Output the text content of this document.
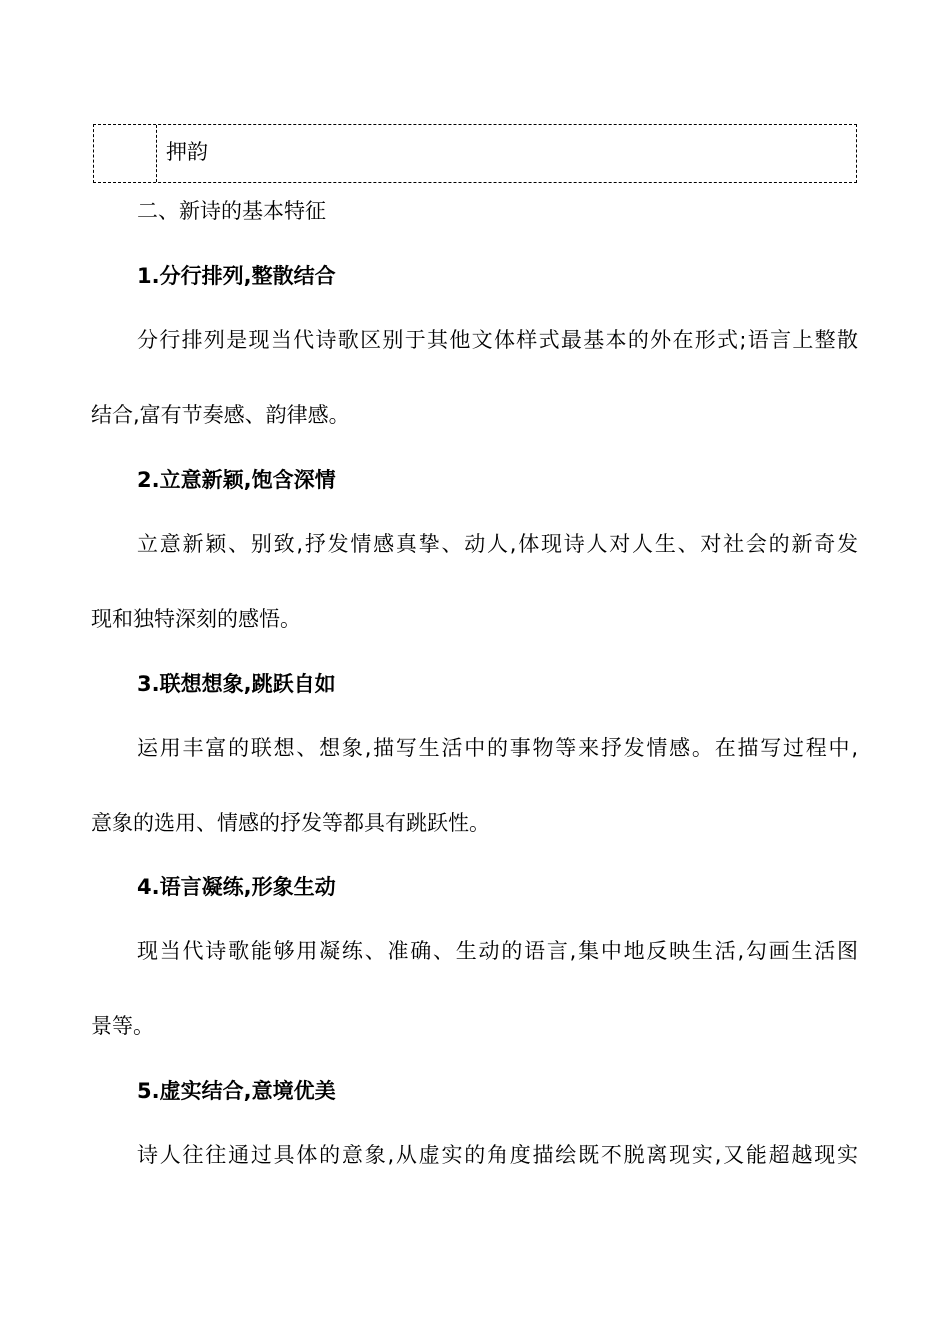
押韵
二、新诗的基本特征
1.分行排列,整散结合
分行排列是现当代诗歌区别于其他文体样式最基本的外在形式;语言上整散
结合,富有节奏感、韵律感。
2.立意新颖,饱含深情
立意新颖、别致,抒发情感真挚、动人,体现诗人对人生、对社会的新奇发
现和独特深刻的感悟。
3.联想想象,跳跃自如
运用丰富的联想、想象,描写生活中的事物等来抒发情感。在描写过程中,
意象的选用、情感的抒发等都具有跳跃性。
4.语言凝练,形象生动
现当代诗歌能够用凝练、准确、生动的语言,集中地反映生活,勾画生活图
景等。
5.虚实结合,意境优美
诗人往往通过具体的意象,从虚实的角度描绘既不脱离现实,又能超越现实
